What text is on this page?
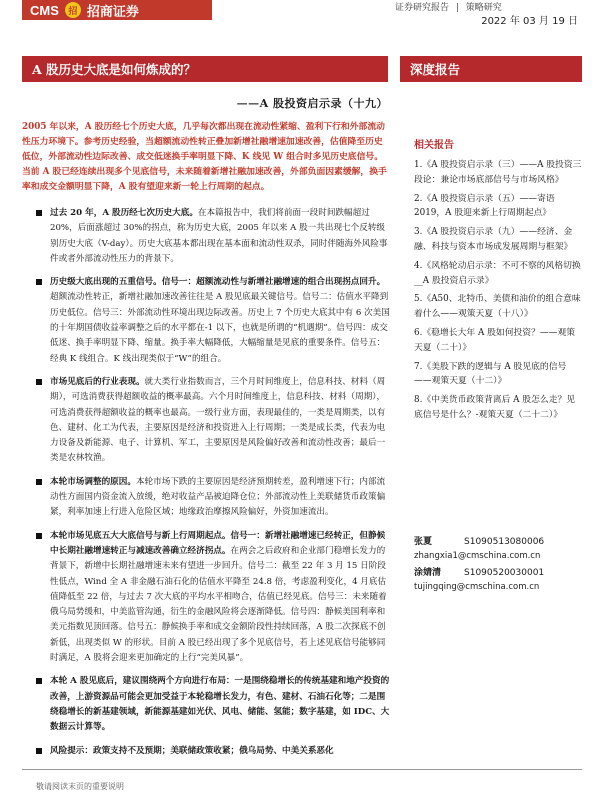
CMS	招 招商证券	证券研究报告 策略研究
2022 年 03 月 19 日
A 股历史大底是如何炼成的？	深度报告
——A 股投资启示录（十九）
2005 年以来，A 股历经七个历史大底，几乎每次都出现在流动性紧缩、盈利下行和外部流动性压力环境下。参考历史经验，当超额流动性转正叠加新增社融增速加速改善，估值降至历史低位，外部流动性边际改善、成交低迷换手率明显下降、K 线见 W 组合时多见历史底信号。当前 A 股已经连续出现多个见底信号，未来随着新增社融加速改善，外部负面因素缓解，换手率和成交金额明显下降，A 股有望迎来新一轮上行周期的起点。
过去 20 年，A 股历经七次历史大底。在本篇报告中，我们将前面一段时间跌幅超过 20%，后面涨超过 30%的拐点，称为历史大底，2005 年以来 A 股一共出现七个反转级别历史大底（V-day）。历史大底基本都出现在基本面和流动性双杀，同时伴随海外风险事件或者外部流动性压力的背景下。
历史级大底出现的五重信号。信号一：超额流动性与新增社融增速的组合出现拐点回升。超额流动性转正，新增社融加速改善往往是 A 股见底最关键信号。信号二：估值水平降到历史低位。信号三：外部流动性环境出现边际改善。历史上 7 个历史大底其中有 6 次美国的十年期国债收益率调整之后的水平都在-1 以下，也就是所谓的“机遇期”。信号四：成交低迷、换手率明显下降、缩量。换手率大幅降低，大幅缩量是见底的重要条件。信号五：经典 K 线组合。K 线出现类似于“W”的组合。
市场见底后的行业表现。就大类行业指数而言，三个月时间维度上，信息科技、材料（周期），可选消费获得超额收益的概率最高。六个月时间维度上，信息科技、材料（周期），可选消费获得超额收益的概率也最高。一级行业方面，表现最佳的，一类是周期类，以有色、建材、化工为代表，主要原因是经济和投资进入上行周期；一类是成长类，代表为电力设备及新能源、电子、计算机、军工，主要原因是风险偏好改善和流动性改善；最后一类是农林牧渔。
本轮市场调整的原因。本轮市场下跌的主要原因是经济预期转差，盈利增速下行；内部流动性方面国内资金流入放缓，绝对收益产品被迫降仓位；外部流动性上美联储货币政策偏紧，利率加速上行进入危险区域；地缘政治摩擦风险偏好，外资加速流出。
本轮市场见底五大大底信号与新上行周期起点。信号一：新增社融增速已经转正，但静候中长期社融增速转正与减速改善确立经济拐点。在两会之后政府和企业部门稳增长发力的背景下，新增中长期社融增速未来有望进一步回升。信号二：截至 22 年 3 月 15 日阶段性低点，Wind 全 A 非金融石油石化的估值水平降至 24.8 倍，考虑盈利变化，4 月底估值降低至 22 倍，与过去 7 次大底的平均水平相吻合，估值已经见底。信号三：未来随着俄乌局势缓和，中美监管沟通，衍生的金融风险将会逐渐降低。信号四：静候美国利率和美元指数见顶回落。信号五：静候换手率和成交金额阶段性持续回落，A 股二次探底不创新低，出现类似 W 的形状。目前 A 股已经出现了多个见底信号，若上述见底信号能够同时满足，A 股将会迎来更加确定的上行“完美风暴”。
本轮 A 股见底后，建议围绕两个方向进行布局：一是围绕稳增长的传统基建和地产投资的改善，上游资源品可能会更加受益于本轮稳增长发力，有色、建材、石油石化等；二是围绕稳增长的新基建领域，新能源基建如光伏、风电、储能、氢能；数字基建，如 IDC、大数据云计算等。
风险提示：政策支持不及预期；美联储政策收紧；俄乌局势、中美关系恶化
相关报告
1.《A 股投资启示录（三）——A 股投资三段论：兼论市场底部信号与市场风格》
2.《A 股投资启示录（五）——寄语 2019，A 股迎来新上行周期起点》
3.《A 股投资启示录（九）——经济、金融、科技与资本市场成发展周期与框架》
4.《风格轮动启示录：不可不察的风格切换__A 股投资启示录》
5.《A50、北特币、美债和油价的组合意味着什么——观策天夏（十八）》
6.《稳增长大年 A 股如何投资？——观策天夏（二十）》
7.《美股下跌的逻辑与 A 股见底的信号——观策天夏（十二）》
8.《中美货币政策背离后 A 股怎么走？见底信号是什么？-观策天夏（二十二）》
张夏	S1090513080006
zhangxia1@cmschina.com.cn
涂婧清	S1090520030001
tujingqing@cmschina.com.cn
敬请阅读末页的重要说明
